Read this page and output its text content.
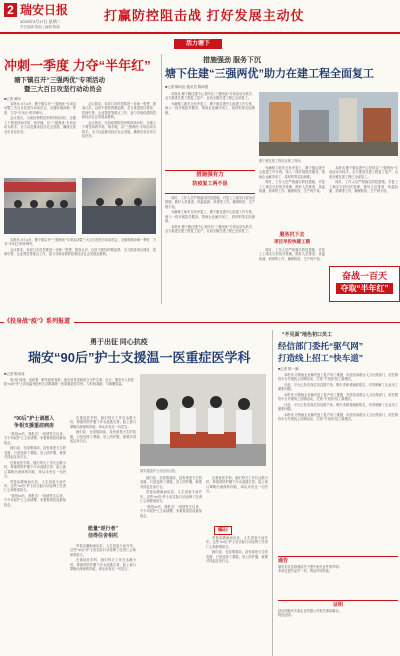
2 瑞安日报
2020年3月17日 星期二
责任编辑 陈凯 | 编辑 陈晓
打赢防控阻击战 打好发展主动仗
活力塘下
冲刺一季度 力夺“半年红”
塘下镇召开“三强两优”专项活动
暨三大百日攻坚行动动员会
■记者 黄昕

本报讯 3月16日，塘下镇召开“三强两优”专项活动暨三大百日攻坚行动动员会，全面吹响冲刺一季度、力夺“半年红”的冲锋号。

会议指出，当前疫情防控形势持续向好，全镇上下要坚持两手抓、两手硬，以“三强两优”专项活动为抓手，全力以赴推动经济社会发展，确保完成全年目标任务。

会议要求，各部门各村居要进一步统一思想、提高认识，以时不我待的紧迫感，全力推进项目建设、招商引资、企业帮扶等重点工作，奋力夺取疫情防控和经济社会发展双胜利。

会议指出，当前疫情防控形势持续向好，全镇上下要坚持两手抓、两手硬，以“三强两优”专项活动为抓手，全力以赴推动经济社会发展，确保完成全年目标任务。

本报讯 3月16日，塘下镇召开“三强两优”专项活动暨三大百日攻坚行动动员会，全面吹响冲刺一季度、力夺“半年红”的冲锋号。

会议要求，各部门各村居要进一步统一思想、提高认识，以时不我待的紧迫感，全力推进项目建设、招商引资、企业帮扶等重点工作，奋力夺取疫情防控和经济社会发展双胜利。

措施强劲 服务下沉
塘下住建“三强两优”助力在建工程全面复工
■记者 陈昕怡 通讯员 陈海燕

本报讯 塘下镇住建中心坚持以“三强两优”专项活动为抓手，全力推进在建工程复工复产，目前全镇在建工程已全部复工。

为确保工地安全有序复工，塘下镇住建中心组建工作专班，深入一线开展指导服务，帮助企业解决用工、原材料等实际困难。

塘下镇在建工程项目施工现场。
措施强有力
防疫复工两不误

同时，工作人员严格落实防控措施，对复工工地实行封闭式管理，做好人员排查、体温检测、消毒等工作，确保防疫、生产两不误。

为确保工地安全有序复工，塘下镇住建中心组建工作专班，深入一线开展指导服务，帮助企业解决用工、原材料等实际困难。

本报讯 塘下镇住建中心坚持以“三强两优”专项活动为抓手，全力推进在建工程复工复产，目前全镇在建工程已全部复工。

为确保工地安全有序复工，塘下镇住建中心组建工作专班，深入一线开展指导服务，帮助企业解决用工、原材料等实际困难。

同时，工作人员严格落实防控措施，对复工工地实行封闭式管理，做好人员排查、体温检测、消毒等工作，确保防疫、生产两不误。

本报讯 塘下镇住建中心坚持以“三强两优”专项活动为抓手，全力推进在建工程复工复产，目前全镇在建工程已全部复工。

同时，工作人员严格落实防控措施，对复工工地实行封闭式管理，做好人员排查、体温检测、消毒等工作，确保防疫、生产两不误。

服务沉下去
项目早投快建工期

同时，工作人员严格落实防控措施，对复工工地实行封闭式管理，做好人员排查、体温检测、消毒等工作，确保防疫、生产两不误。

奋战一百天
夺取“半年红”
《投身战“疫”》系列报道
勇于出征 同心抗疫
瑞安“90后”护士支援温一医重症医学科
■记者 陈成成

战“疫”前线，活跃着一群年轻的身影，他们用青春和担当守护生命。近日，瑞安市人民医院“90后”护士奔赴温州医科大学附属第一医院重症医学科，与时间赛跑、与病魔较量。

瑞安援温护士出征前合影。
“90后”护士请愿入
争相支援重症病房

“我是90后，我报名！”疫情发生以来，不少年轻护士主动请缨，争着要到抗疫最前线去。

她们说，在疫情面前，没有谁是天生的英雄，只是选择了勇敢。穿上防护服，就要对得起这身白衣。

在重症医学科，她们每天工作长达数小时，厚重的防护服下汗水湿透衣背，脸上被口罩勒出深深的印痕，却从未有过一句怨言。

青春由磨砺而出彩，人生因奋斗而升华。这些“90后”护士用实际行动诠释了医者仁心和使命担当。

“我是90后，我报名！”疫情发生以来，不少年轻护士主动请缨，争着要到抗疫最前线去。

在重症医学科，她们每天工作长达数小时，厚重的防护服下汗水湿透衣背，脸上被口罩勒出深深的印痕，却从未有过一句怨言。

她们说，在疫情面前，没有谁是天生的英雄，只是选择了勇敢。穿上防护服，就要对得起这身白衣。

能量“逆行者”
信得住舍相托

青春由磨砺而出彩，人生因奋斗而升华。这些“90后”护士用实际行动诠释了医者仁心和使命担当。

在重症医学科，她们每天工作长达数小时，厚重的防护服下汗水湿透衣背，脸上被口罩勒出深深的印痕，却从未有过一句怨言。

她们说，在疫情面前，没有谁是天生的英雄，只是选择了勇敢。穿上防护服，就要对得起这身白衣。

青春由磨砺而出彩，人生因奋斗而升华。这些“90后”护士用实际行动诠释了医者仁心和使命担当。

“我是90后，我报名！”疫情发生以来，不少年轻护士主动请缨，争着要到抗疫最前线去。

编后

青春由磨砺而出彩，人生因奋斗而升华。这些“90后”护士用实际行动诠释了医者仁心和使命担当。

她们说，在疫情面前，没有谁是天生的英雄，只是选择了勇敢。穿上防护服，就要对得起这身白衣。

在重症医学科，她们每天工作长达数小时，厚重的防护服下汗水湿透衣背，脸上被口罩勒出深深的印痕，却从未有过一句怨言。

“不见面”地色初口员工
经信部门委托“驱气网”
打造线上招工“快车道”
■记者 陈一潮

本报讯 为帮助企业解决复工复产用工难题，市经信局联合人力社保部门，依托网络平台开展线上招聘活动，打造“不见面”招工新模式。

目前，平台已发布岗位信息数千条，吸引求职者踊跃报名，有效缓解了企业用工紧张问题。

本报讯 为帮助企业解决复工复产用工难题，市经信局联合人力社保部门，依托网络平台开展线上招聘活动，打造“不见面”招工新模式。

目前，平台已发布岗位信息数千条，吸引求职者踊跃报名，有效缓解了企业用工紧张问题。

本报讯 为帮助企业解决复工复产用工难题，市经信局联合人力社保部门，依托网络平台开展线上招聘活动，打造“不见面”招工新模式。

通告
瑞安市应急管理局关于遗失相关证件的声明：
本单位遗失证件一份，特此声明作废。
证明
兹证明瑞安市某企业有限公司相关事项属实。
特此证明。
